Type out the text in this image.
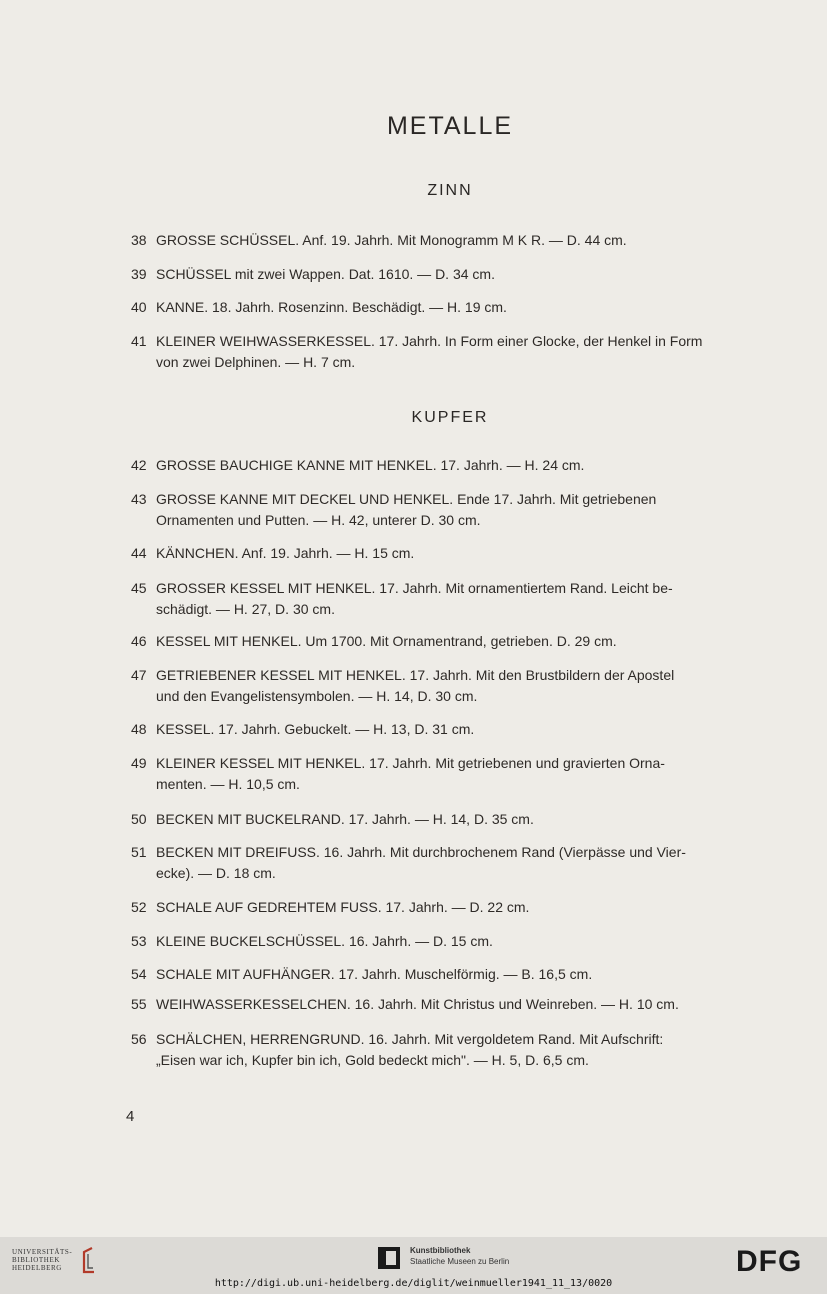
METALLE
ZINN
KUPFER
38 GROSSE SCHÜSSEL. Anf. 19. Jahrh. Mit Monogramm M K R. — D. 44 cm.
39 SCHÜSSEL mit zwei Wappen. Dat. 1610. — D. 34 cm.
40 KANNE. 18. Jahrh. Rosenzinn. Beschädigt. — H. 19 cm.
41 KLEINER WEIHWASSERKESSEL. 17. Jahrh. In Form einer Glocke, der Henkel in Form
von zwei Delphinen. — H. 7 cm.
42 GROSSE BAUCHIGE KANNE MIT HENKEL. 17. Jahrh. — H. 24 cm.
43 GROSSE KANNE MIT DECKEL UND HENKEL. Ende 17. Jahrh. Mit getriebenen
Ornamenten und Putten. — H. 42, unterer D. 30 cm.
44 KÄNNCHEN. Anf. 19. Jahrh. — H. 15 cm.
45 GROSSER KESSEL MIT HENKEL. 17. Jahrh. Mit ornamentiertem Rand. Leicht be-
schädigt. — H. 27, D. 30 cm.
46 KESSEL MIT HENKEL. Um 1700. Mit Ornamentrand, getrieben. D. 29 cm.
47 GETRIEBENER KESSEL MIT HENKEL. 17. Jahrh. Mit den Brustbildern der Apostel
und den Evangelistensymbolen. — H. 14, D. 30 cm.
48 KESSEL. 17. Jahrh. Gebuckelt. — H. 13, D. 31 cm.
49 KLEINER KESSEL MIT HENKEL. 17. Jahrh. Mit getriebenen und gravierten Orna-
menten. — H. 10,5 cm.
50 BECKEN MIT BUCKELRAND. 17. Jahrh. — H. 14, D. 35 cm.
51 BECKEN MIT DREIFUSS. 16. Jahrh. Mit durchbrochenem Rand (Vierpässe und Vier-
ecke). — D. 18 cm.
52 SCHALE AUF GEDREHTEM FUSS. 17. Jahrh. — D. 22 cm.
53 KLEINE BUCKELSCHÜSSEL. 16. Jahrh. — D. 15 cm.
54 SCHALE MIT AUFHÄNGER. 17. Jahrh. Muschelförmig. — B. 16,5 cm.
55 WEIHWASSERKESSELCHEN. 16. Jahrh. Mit Christus und Weinreben. — H. 10 cm.
56 SCHÄLCHEN, HERRENGRUND. 16. Jahrh. Mit vergoldetem Rand. Mit Aufschrift:
„Eisen war ich, Kupfer bin ich, Gold bedeckt mich". — H. 5, D. 6,5 cm.
4
UNIVERSITÄTS-
BIBLIOTHEK
HEIDELBERG
Kunstbibliothek
Staatliche Museen zu Berlin	DFG
http://digi.ub.uni-heidelberg.de/diglit/weinmueller1941_11_13/0020
